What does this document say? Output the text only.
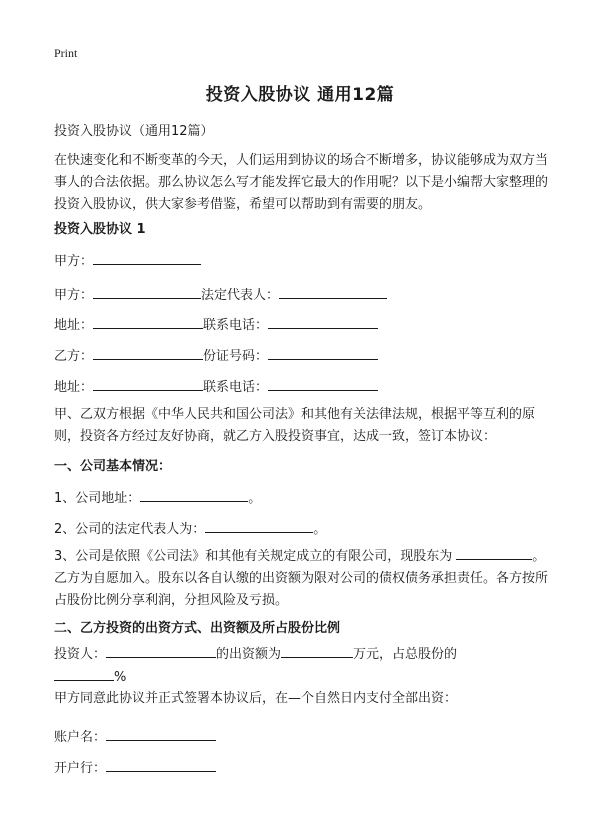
Print
投资入股协议 通用12篇
投资入股协议（通用12篇）
在快速变化和不断变革的今天，人们运用到协议的场合不断增多，协议能够成为双方当事人的合法依据。那么协议怎么写才能发挥它最大的作用呢？以下是小编帮大家整理的投资入股协议，供大家参考借鉴，希望可以帮助到有需要的朋友。
投资入股协议 1
甲方：
甲方：	法定代表人：
地址：	联系电话：
乙方：	份证号码：
地址：	联系电话：
甲、乙双方根据《中华人民共和国公司法》和其他有关法律法规，根据平等互利的原则，投资各方经过友好协商，就乙方入股投资事宜，达成一致，签订本协议：
一、公司基本情况：
1、公司地址：	。
2、公司的法定代表人为：	。
3、公司是依照《公司法》和其他有关规定成立的有限公司，现股东为	。乙方为自愿加入。股东以各自认缴的出资额为限对公司的债权债务承担责任。各方按所占股份比例分享利润，分担风险及亏损。
二、乙方投资的出资方式、出资额及所占股份比例
投资人：	的出资额为	万元，占总股份的
%
甲方同意此协议并正式签署本协议后，在—个自然日内支付全部出资：
账户名：
开户行：
